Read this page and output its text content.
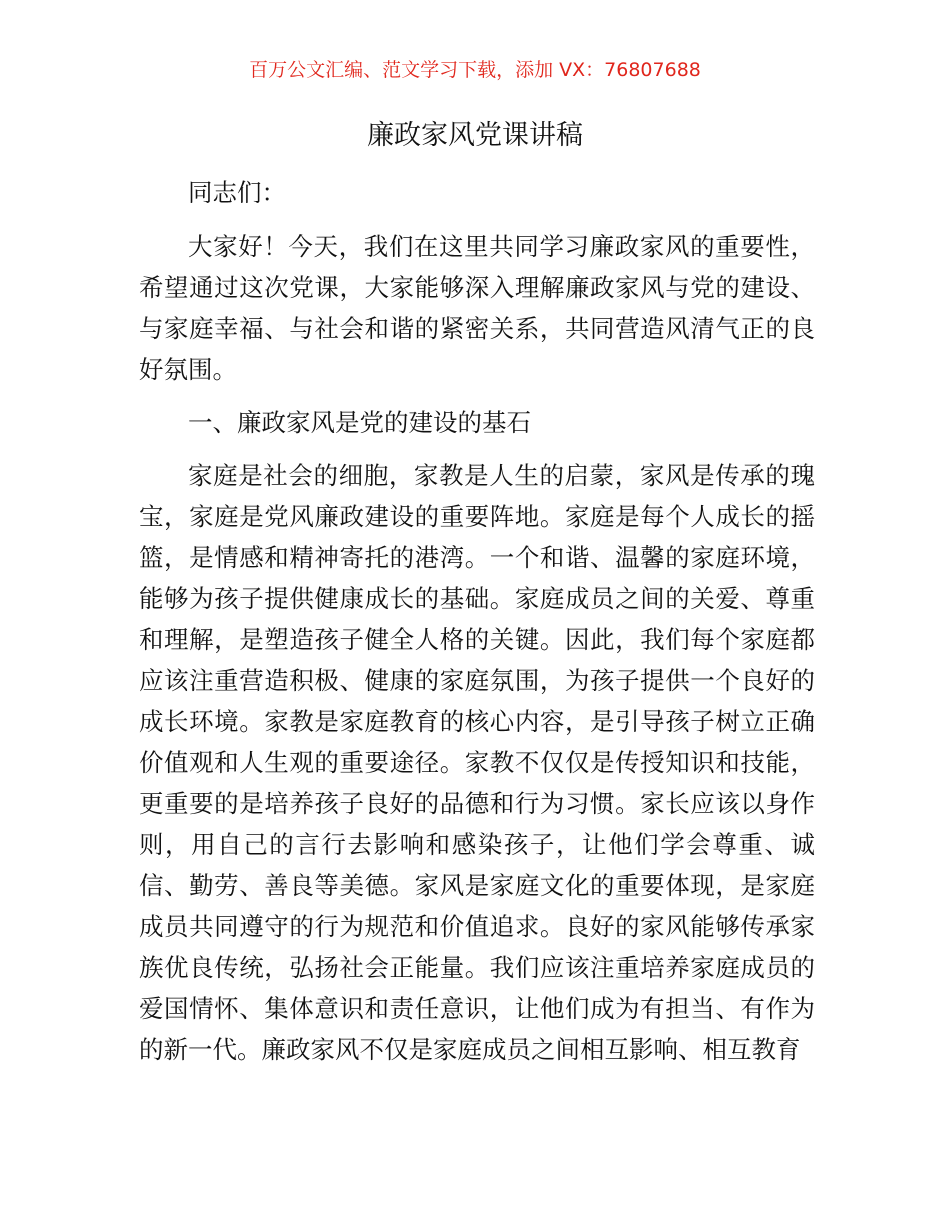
百万公文汇编、范文学习下载，添加 VX：76807688
廉政家风党课讲稿

同志们：

大家好！今天，我们在这里共同学习廉政家风的重要性，希望通过这次党课，大家能够深入理解廉政家风与党的建设、与家庭幸福、与社会和谐的紧密关系，共同营造风清气正的良好氛围。

一、廉政家风是党的建设的基石

家庭是社会的细胞，家教是人生的启蒙，家风是传承的瑰宝，家庭是党风廉政建设的重要阵地。家庭是每个人成长的摇篮，是情感和精神寄托的港湾。一个和谐、温馨的家庭环境，能够为孩子提供健康成长的基础。家庭成员之间的关爱、尊重和理解，是塑造孩子健全人格的关键。因此，我们每个家庭都应该注重营造积极、健康的家庭氛围，为孩子提供一个良好的成长环境。家教是家庭教育的核心内容，是引导孩子树立正确价值观和人生观的重要途径。家教不仅仅是传授知识和技能，更重要的是培养孩子良好的品德和行为习惯。家长应该以身作则，用自己的言行去影响和感染孩子，让他们学会尊重、诚信、勤劳、善良等美德。家风是家庭文化的重要体现，是家庭成员共同遵守的行为规范和价值追求。良好的家风能够传承家族优良传统，弘扬社会正能量。我们应该注重培养家庭成员的爱国情怀、集体意识和责任意识，让他们成为有担当、有作为的新一代。廉政家风不仅是家庭成员之间相互影响、相互教育
